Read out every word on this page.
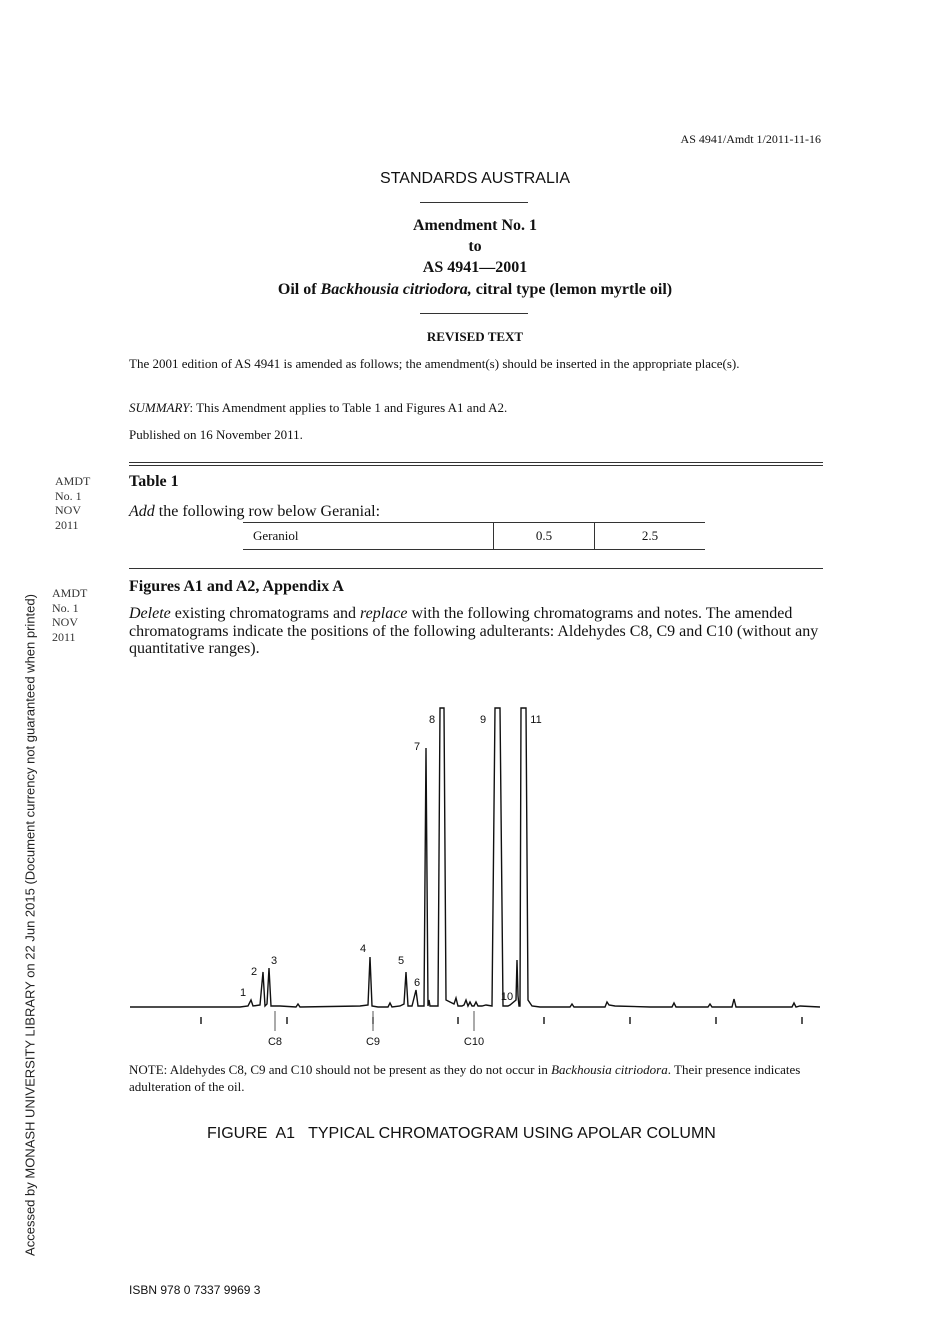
AS 4941/Amdt 1/2011-11-16
STANDARDS AUSTRALIA
Amendment No. 1
to
AS 4941—2001
Oil of Backhousia citriodora, citral type (lemon myrtle oil)
REVISED TEXT
The 2001 edition of AS 4941 is amended as follows; the amendment(s) should be inserted in the appropriate place(s).
SUMMARY: This Amendment applies to Table 1 and Figures A1 and A2.
Published on 16 November 2011.
AMDT
No. 1
NOV
2011
Table 1
Add the following row below Geranial:
Geraniol	0.5	2.5
AMDT
No. 1
NOV
2011
Figures A1 and A2, Appendix A
Delete existing chromatograms and replace with the following chromatograms and notes. The amended chromatograms indicate the positions of the following adulterants: Aldehydes C8, C9 and C10 (without any quantitative ranges).
C8	C9	C10
1
2
3
4
5
6
7
8	9
10
11
NOTE: Aldehydes C8, C9 and C10 should not be present as they do not occur in Backhousia citriodora. Their presence indicates adulteration of the oil.
FIGURE  A1   TYPICAL CHROMATOGRAM USING APOLAR COLUMN
ISBN 978 0 7337 9969 3
Accessed by MONASH UNIVERSITY LIBRARY on 22 Jun 2015 (Document currency not guaranteed when printed)
